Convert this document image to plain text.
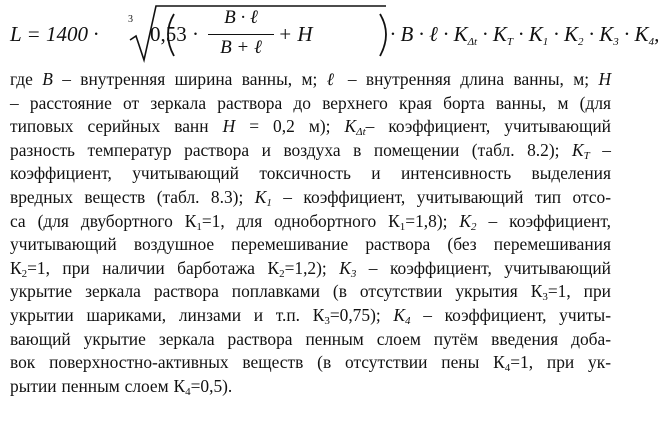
L = 1400 ·
3
0,53 ·
B · ℓ
B + ℓ
+ H	· B · ℓ · $K_{\Delta t} \cdot K_T \cdot K_1 \cdot K_2 \cdot K_3 \cdot K_4$,
где B – внутренняя ширина ванны, м; ℓ – внутренняя длина ванны, м; H
– расстояние от зеркала раствора до верхнего края борта ванны, м (для
типовых серийных ванн H = 0,2 м); $K_{\Delta t}-$ коэффициент, учитывающий
разность температур раствора и воздуха в помещении (табл. 8.2); $K_T$ –
коэффициент, учитывающий токсичность и интенсивность выделения
вредных веществ (табл. 8.3); $K_1$ – коэффициент, учитывающий тип отсо-
са (для двубортного $К_1=1$, для однобортного $К_1=1,8$); $K_2$ – коэффициент,
учитывающий воздушное перемешивание раствора (без перемешивания
$К_2=1$, при наличии барботажа $К_2=1,2$); $K_3$ – коэффициент, учитывающий
укрытие зеркала раствора поплавками (в отсутствии укрытия $К_3=1$, при
укрытии шариками, линзами и т.п. $К_3=0,75$); $K_4$ – коэффициент, учиты-
вающий укрытие зеркала раствора пенным слоем путём введения доба-
вок поверхностно-активных веществ (в отсутствии пены $К_4=1$, при ук-
рытии пенным слоем $К_4=0,5$).
